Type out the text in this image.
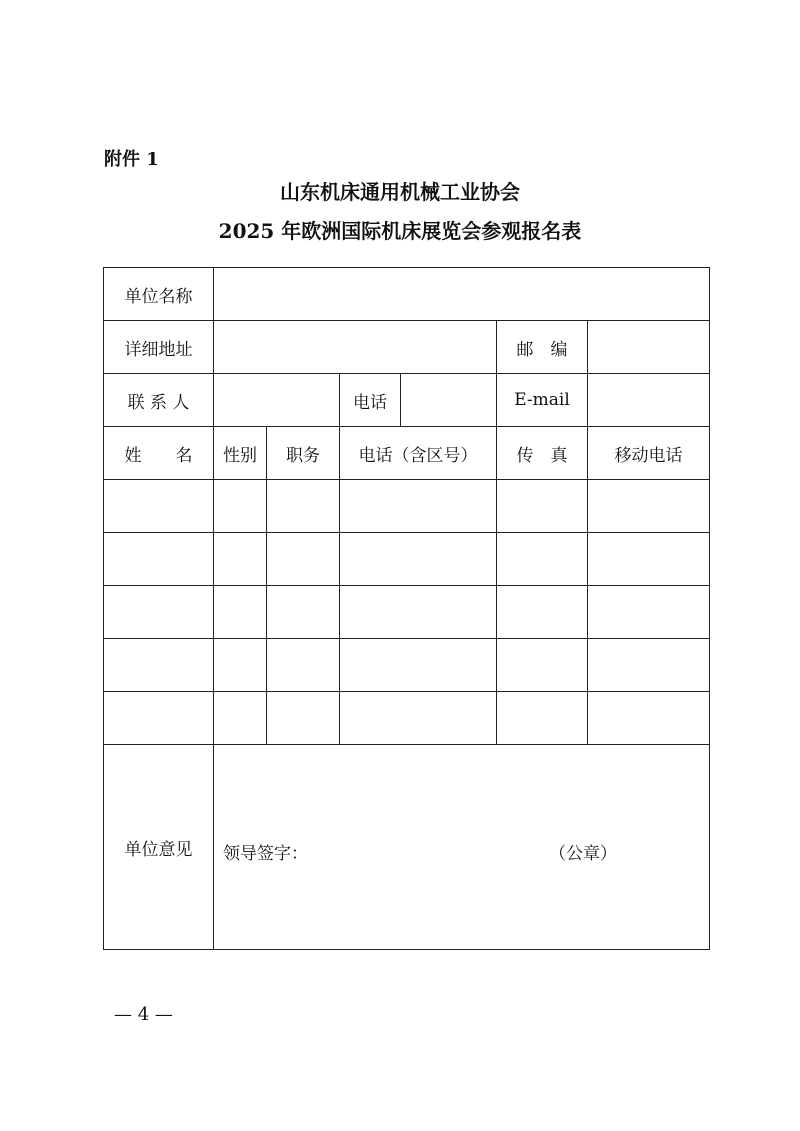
附件 1
山东机床通用机械工业协会
2025 年欧洲国际机床展览会参观报名表
单位名称						
详细地址					邮　编	
联 系 人			电话		E-mail	
姓　　名	性别	职务	电话（含区号）		传　真	移动电话

单位意见	领导签字： （公章）					
— 4 —
